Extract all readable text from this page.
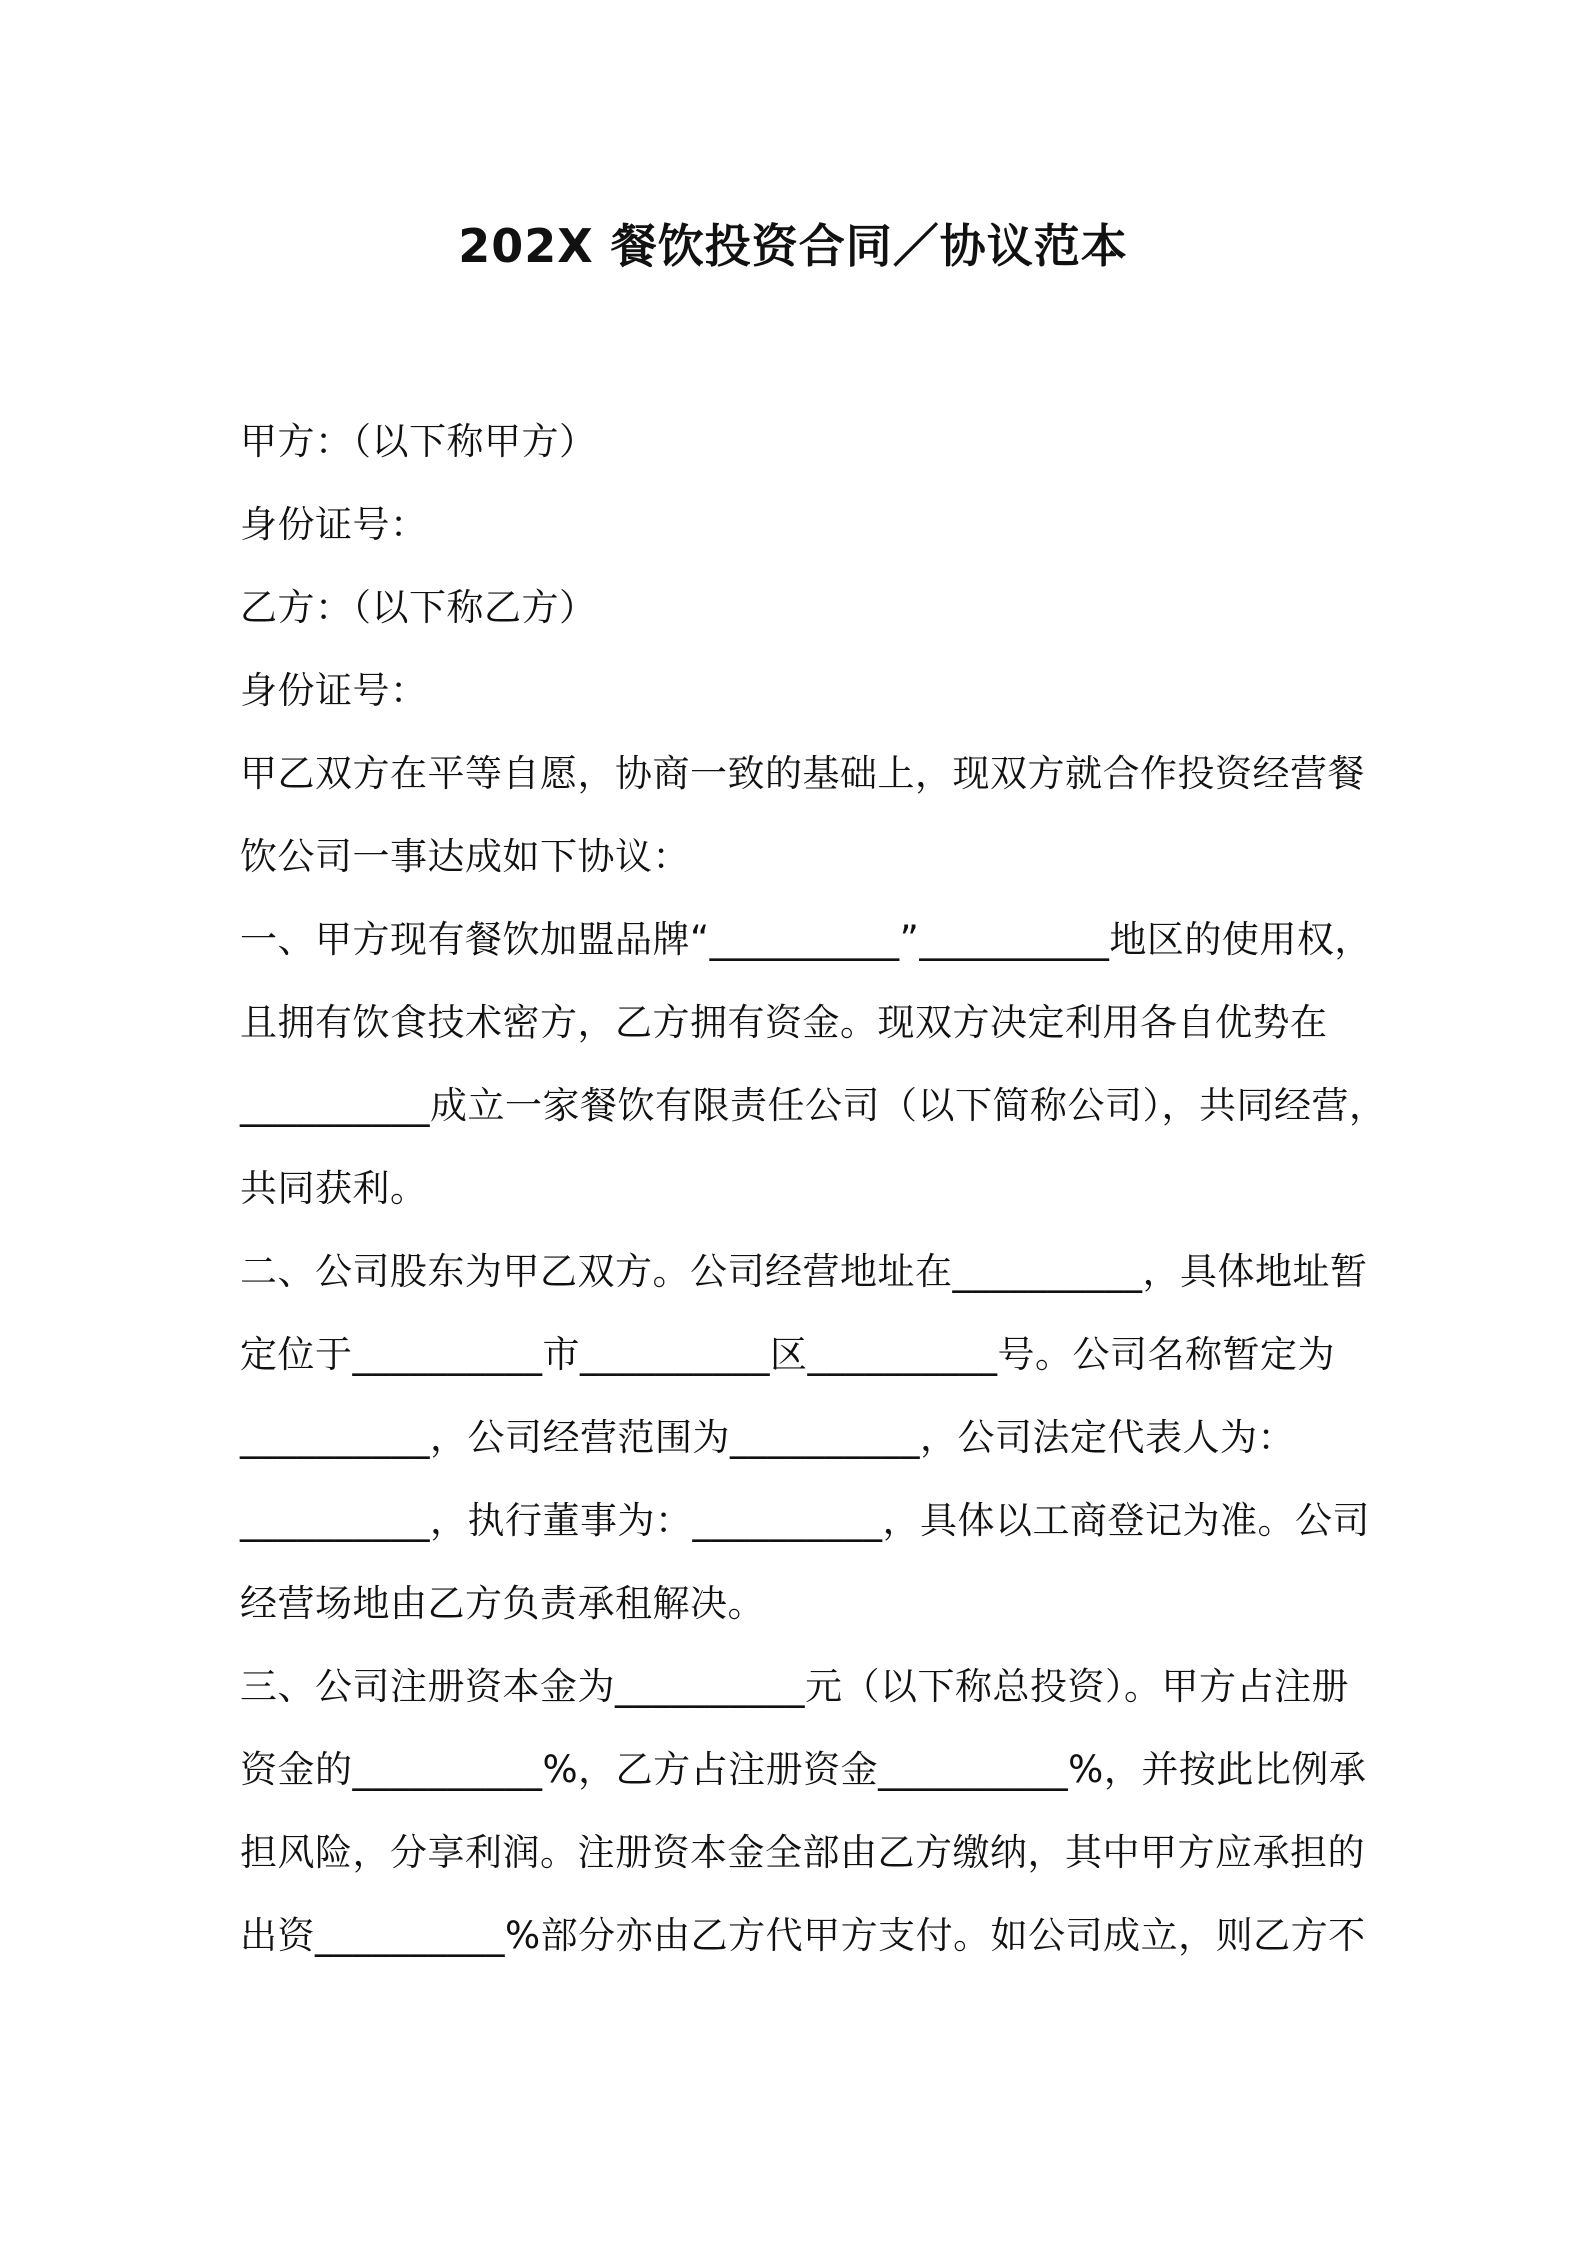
202X 餐饮投资合同／协议范本

甲方：（以下称甲方）

身份证号：

乙方：（以下称乙方）

身份证号：

甲乙双方在平等自愿，协商一致的基础上，现双方就合作投资经营餐

饮公司一事达成如下协议：

一、甲方现有餐饮加盟品牌“__________”__________地区的使用权，

且拥有饮食技术密方，乙方拥有资金。现双方决定利用各自优势在

__________成立一家餐饮有限责任公司（以下简称公司），共同经营，

共同获利。

二、公司股东为甲乙双方。公司经营地址在__________，具体地址暂

定位于__________市__________区__________号。公司名称暂定为

__________，公司经营范围为__________，公司法定代表人为：

__________，执行董事为：__________，具体以工商登记为准。公司

经营场地由乙方负责承租解决。

三、公司注册资本金为__________元（以下称总投资）。甲方占注册

资金的__________%，乙方占注册资金__________%，并按此比例承

担风险，分享利润。注册资本金全部由乙方缴纳，其中甲方应承担的

出资__________%部分亦由乙方代甲方支付。如公司成立，则乙方不
